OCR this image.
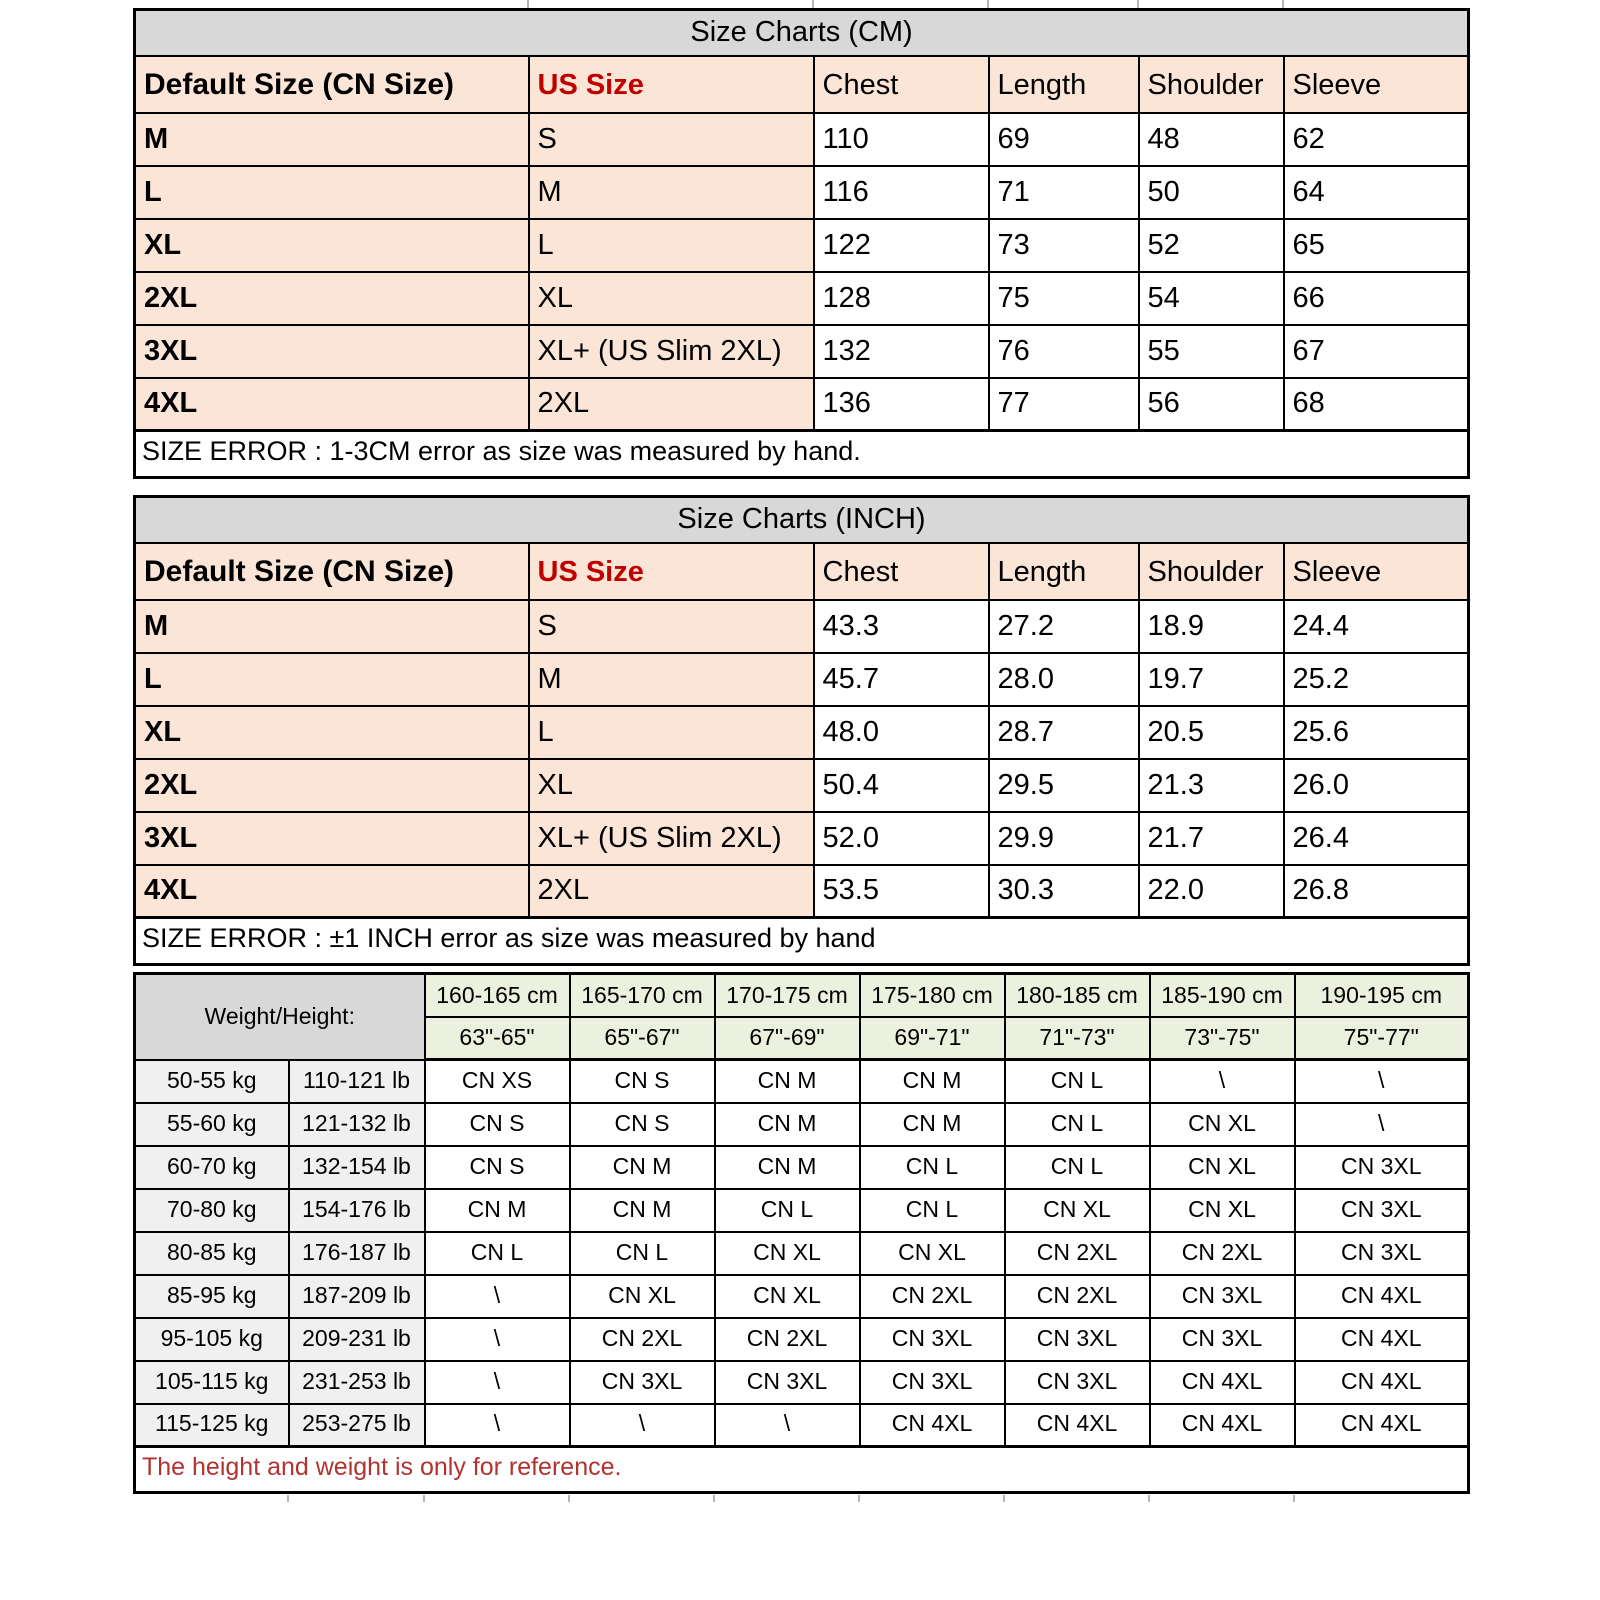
Size Charts (CM)					
Default Size (CN Size)	US Size	Chest	Length	Shoulder	Sleeve
M	S	110	69	48	62
L	M	116	71	50	64
XL	L	122	73	52	65
2XL	XL	128	75	54	66
3XL	XL+ (US Slim 2XL)	132	76	55	67
4XL	2XL	136	77	56	68
SIZE ERROR : 1-3CM error as size was measured by hand.					
Size Charts (INCH)					
Default Size (CN Size)	US Size	Chest	Length	Shoulder	Sleeve
M	S	43.3	27.2	18.9	24.4
L	M	45.7	28.0	19.7	25.2
XL	L	48.0	28.7	20.5	25.6
2XL	XL	50.4	29.5	21.3	26.0
3XL	XL+ (US Slim 2XL)	52.0	29.9	21.7	26.4
4XL	2XL	53.5	30.3	22.0	26.8
SIZE ERROR : ±1 INCH error as size was measured by hand					
Weight/Height:		160-165 cm	165-170 cm	170-175 cm	175-180 cm	180-185 cm	185-190 cm	190-195 cm
		63"-65"	65"-67"	67"-69"	69"-71"	71"-73"	73"-75"	75"-77"
50-55 kg	110-121 lb	CN XS	CN S	CN M	CN M	CN L	\	\
55-60 kg	121-132 lb	CN S	CN S	CN M	CN M	CN L	CN XL	\
60-70 kg	132-154 lb	CN S	CN M	CN M	CN L	CN L	CN XL	CN 3XL
70-80 kg	154-176 lb	CN M	CN M	CN L	CN L	CN XL	CN XL	CN 3XL
80-85 kg	176-187 lb	CN L	CN L	CN XL	CN XL	CN 2XL	CN 2XL	CN 3XL
85-95 kg	187-209 lb	\	CN XL	CN XL	CN 2XL	CN 2XL	CN 3XL	CN 4XL
95-105 kg	209-231 lb	\	CN 2XL	CN 2XL	CN 3XL	CN 3XL	CN 3XL	CN 4XL
105-115 kg	231-253 lb	\	CN 3XL	CN 3XL	CN 3XL	CN 3XL	CN 4XL	CN 4XL
115-125 kg	253-275 lb	\	\	\	CN 4XL	CN 4XL	CN 4XL	CN 4XL
The height and weight is only for reference.								
